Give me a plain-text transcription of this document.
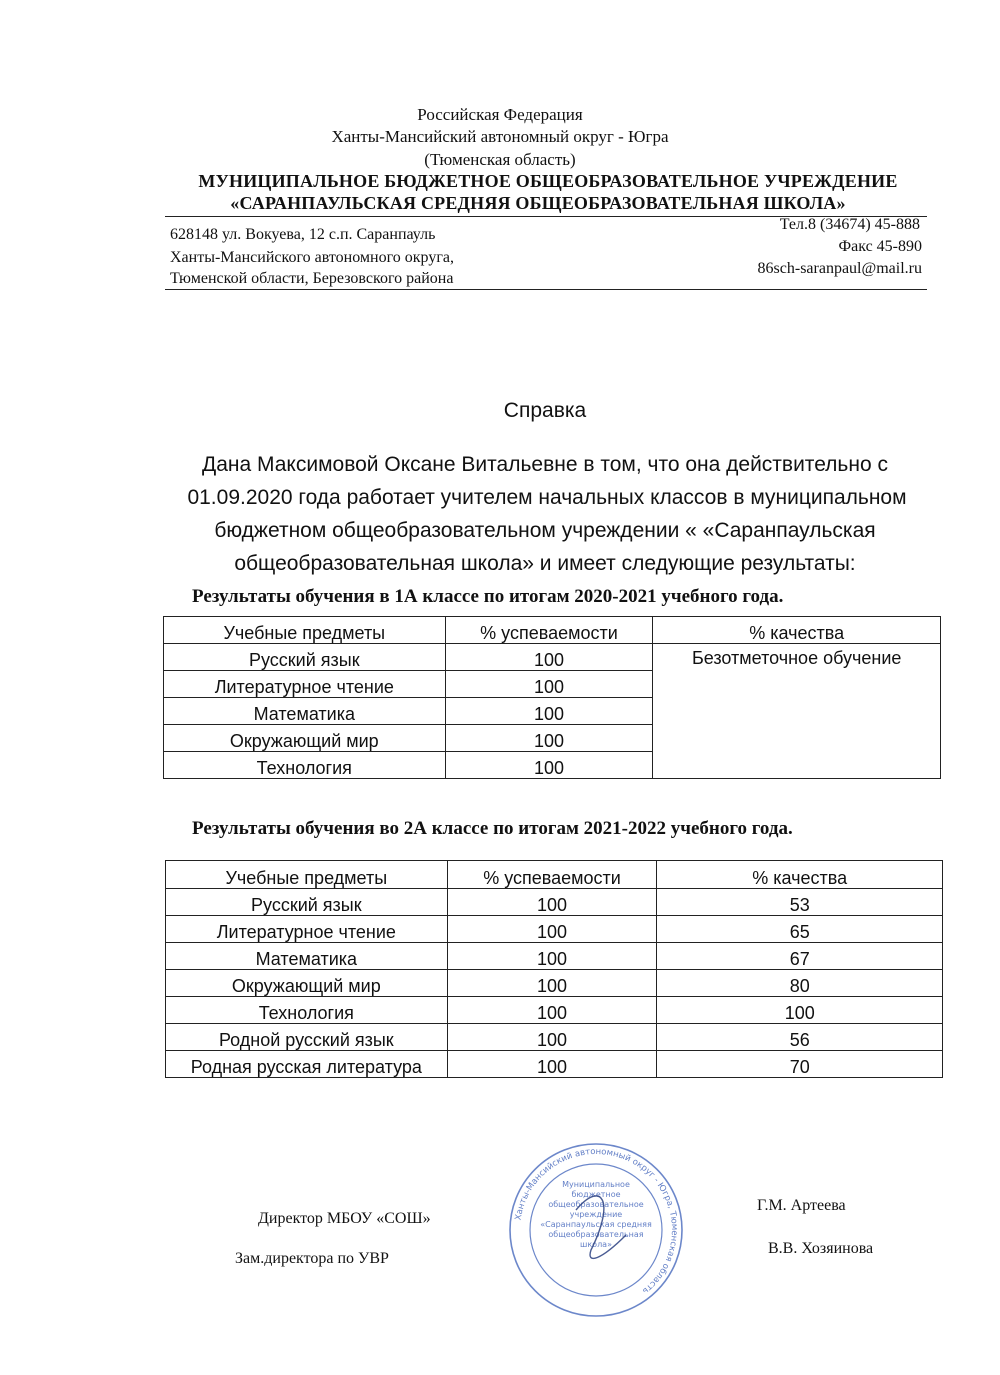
Российская Федерация
Ханты-Мансийский автономный округ - Югра
(Тюменская область)
МУНИЦИПАЛЬНОЕ БЮДЖЕТНОЕ ОБЩЕОБРАЗОВАТЕЛЬНОЕ УЧРЕЖДЕНИЕ
«САРАНПАУЛЬСКАЯ СРЕДНЯЯ ОБЩЕОБРАЗОВАТЕЛЬНАЯ ШКОЛА»
628148 ул. Вокуева, 12 с.п. Саранпауль
Ханты-Мансийского автономного округа,
Тюменской области, Березовского района
Тел.8 (34674) 45-888
Факс 45-890
86sch-saranpaul@mail.ru
Справка
Дана Максимовой Оксане Витальевне в том, что она действительно с
01.09.2020 года работает учителем начальных классов в муниципальном
бюджетном общеобразовательном учреждении « «Саранпаульская
общеобразовательная школа» и имеет следующие результаты:
Результаты обучения в 1А классе по итогам 2020-2021 учебного года.
Учебные предметы	% успеваемости	% качества
Русский язык	100	Безотметочное обучение
Литературное чтение	100	
Математика	100	
Окружающий мир	100	
Технология	100	
Результаты обучения во 2А классе по итогам 2021-2022 учебного года.
Учебные предметы	% успеваемости	% качества
Русский язык	100	53
Литературное чтение	100	65
Математика	100	67
Окружающий мир	100	80
Технология	100	100
Родной русский язык	100	56
Родная русская литература	100	70
Ханты-Мансийский автономный округ - Югра, Тюменская область
Муниципальное бюджетное общеобразовательное учреждение «Саранпаульская средняя общеобразовательная школа»
Директор МБОУ «СОШ»
Г.М. Артеева
Зам.директора по УВР
В.В. Хозяинова
